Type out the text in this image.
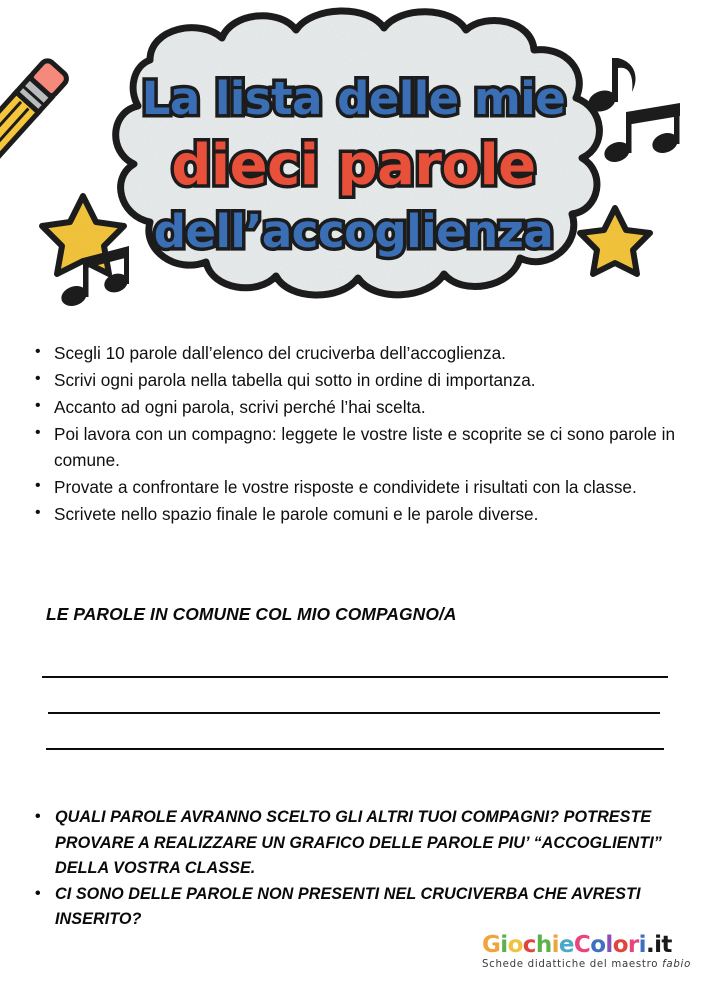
La lista delle mie
dieci parole
dell’accoglienza
• Scegli 10 parole dall’elenco del cruciverba dell’accoglienza.
• Scrivi ogni parola nella tabella qui sotto in ordine di importanza.
• Accanto ad ogni parola, scrivi perché l’hai scelta.
• Poi lavora con un compagno: leggete le vostre liste e scoprite se ci sono parole in comune.
• Provate a confrontare le vostre risposte e condividete i risultati con la classe.
• Scrivete nello spazio finale le parole comuni e le parole diverse.
LE PAROLE IN COMUNE COL MIO COMPAGNO/A
• QUALI PAROLE AVRANNO SCELTO GLI ALTRI TUOI COMPAGNI? POTRESTE PROVARE A REALIZZARE UN GRAFICO DELLE PAROLE PIU’ “ACCOGLIENTI” DELLA VOSTRA CLASSE.
• CI SONO DELLE PAROLE NON PRESENTI NEL CRUCIVERBA CHE AVRESTI INSERITO?
GiochieColori.it
Schede didattiche del maestro fabio
